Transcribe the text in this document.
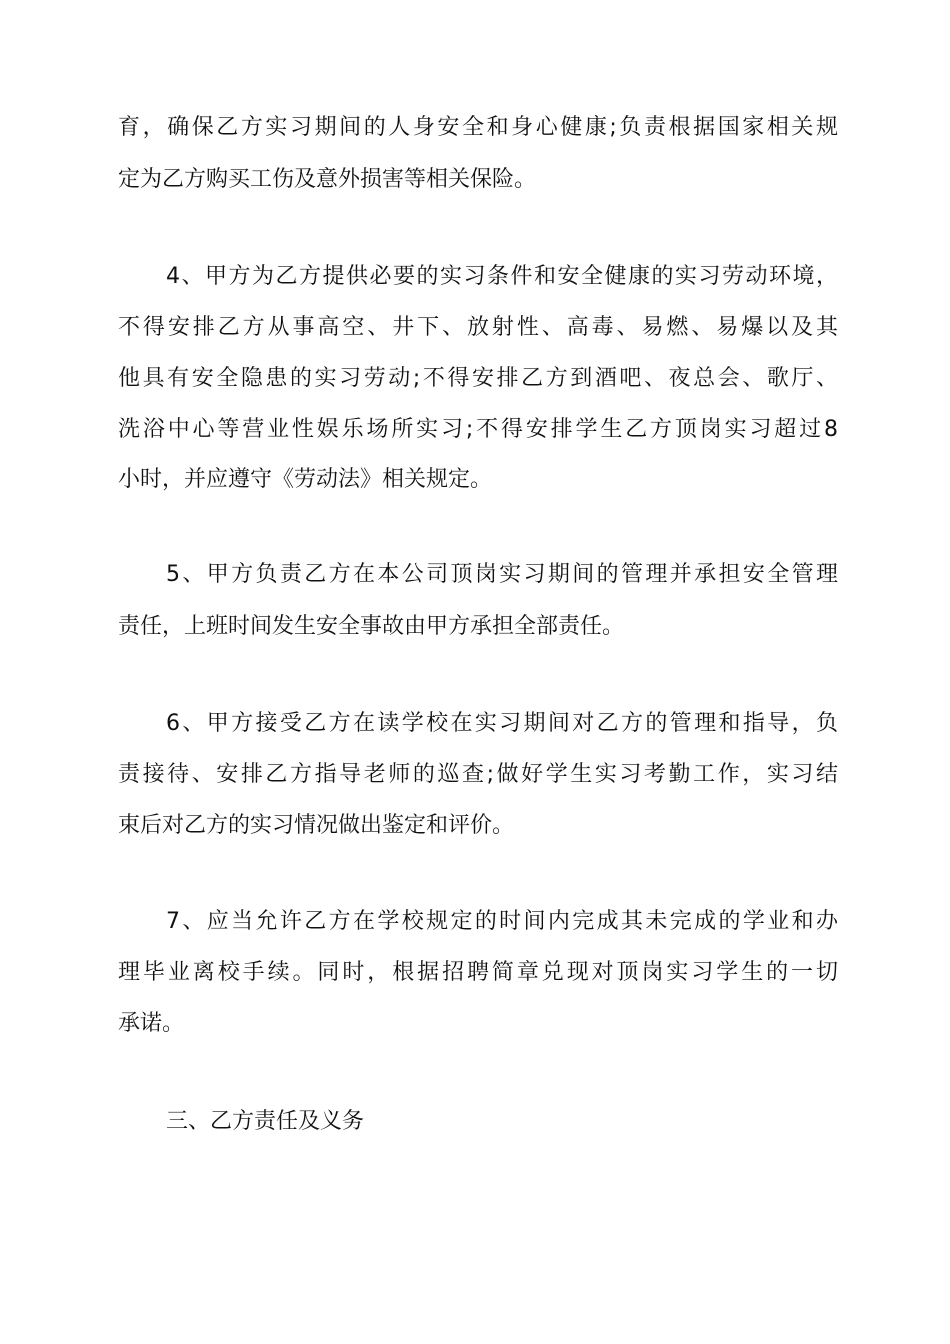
育，确保乙方实习期间的人身安全和身心健康;负责根据国家相关规
定为乙方购买工伤及意外损害等相关保险。
4、甲方为乙方提供必要的实习条件和安全健康的实习劳动环境，
不得安排乙方从事高空、井下、放射性、高毒、易燃、易爆以及其
他具有安全隐患的实习劳动;不得安排乙方到酒吧、夜总会、歌厅、
洗浴中心等营业性娱乐场所实习;不得安排学生乙方顶岗实习超过8
小时，并应遵守《劳动法》相关规定。
5、甲方负责乙方在本公司顶岗实习期间的管理并承担安全管理
责任，上班时间发生安全事故由甲方承担全部责任。
6、甲方接受乙方在读学校在实习期间对乙方的管理和指导，负
责接待、安排乙方指导老师的巡查;做好学生实习考勤工作，实习结
束后对乙方的实习情况做出鉴定和评价。
7、应当允许乙方在学校规定的时间内完成其未完成的学业和办
理毕业离校手续。同时，根据招聘简章兑现对顶岗实习学生的一切
承诺。
三、乙方责任及义务
